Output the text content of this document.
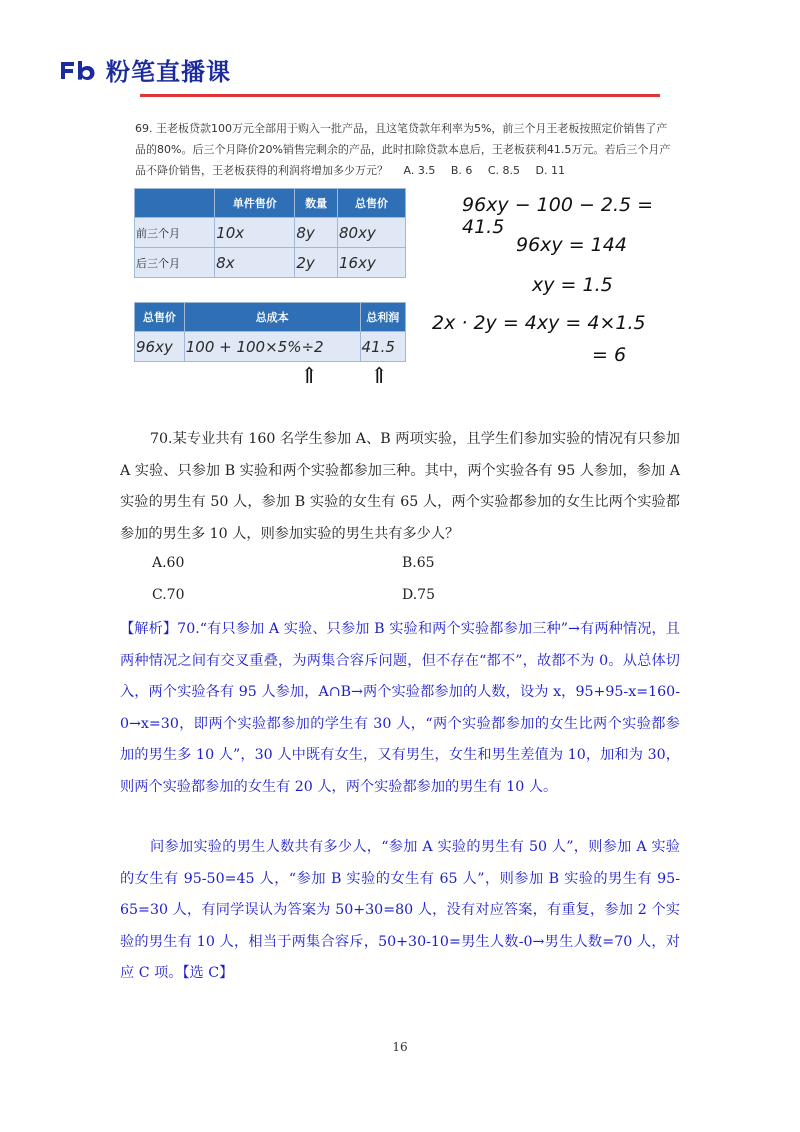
粉笔直播课
69. 王老板贷款100万元全部用于购入一批产品，且这笔贷款年利率为5%，前三个月王老板按照定价销售了产品的80%。后三个月降价20%销售完剩余的产品，此时扣除贷款本息后，王老板获利41.5万元。若后三个月产品不降价销售，王老板获得的利润将增加多少万元？ A. 3.5 B. 6 C. 8.5 D. 11
	单件售价	数量	总售价
前三个月	10x	8y	80xy
后三个月	8x	2y	16xy
总售价	总成本	总利润
96xy	100 + 100×5%÷2	41.5
96xy − 100 − 2.5 = 41.5
96xy = 144
xy = 1.5
2x · 2y = 4xy = 4×1.5
= 6
⇑ ⇑
70.某专业共有 160 名学生参加 A、B 两项实验，且学生们参加实验的情况有只参加 A 实验、只参加 B 实验和两个实验都参加三种。其中，两个实验各有 95 人参加，参加 A 实验的男生有 50 人，参加 B 实验的女生有 65 人，两个实验都参加的女生比两个实验都参加的男生多 10 人，则参加实验的男生共有多少人？
A.60	B.65
C.70	D.75
【解析】70.“有只参加 A 实验、只参加 B 实验和两个实验都参加三种”→有两种情况，且两种情况之间有交叉重叠，为两集合容斥问题，但不存在“都不”，故都不为 0。从总体切入，两个实验各有 95 人参加，A∩B→两个实验都参加的人数，设为 x，95+95-x=160-0→x=30，即两个实验都参加的学生有 30 人，“两个实验都参加的女生比两个实验都参加的男生多 10 人”，30 人中既有女生，又有男生，女生和男生差值为 10，加和为 30，则两个实验都参加的女生有 20 人，两个实验都参加的男生有 10 人。
问参加实验的男生人数共有多少人，“参加 A 实验的男生有 50 人”，则参加 A 实验的女生有 95-50=45 人，“参加 B 实验的女生有 65 人”，则参加 B 实验的男生有 95-65=30 人，有同学误认为答案为 50+30=80 人，没有对应答案，有重复，参加 2 个实验的男生有 10 人，相当于两集合容斥，50+30-10=男生人数-0→男生人数=70 人，对应 C 项。【选 C】
16
